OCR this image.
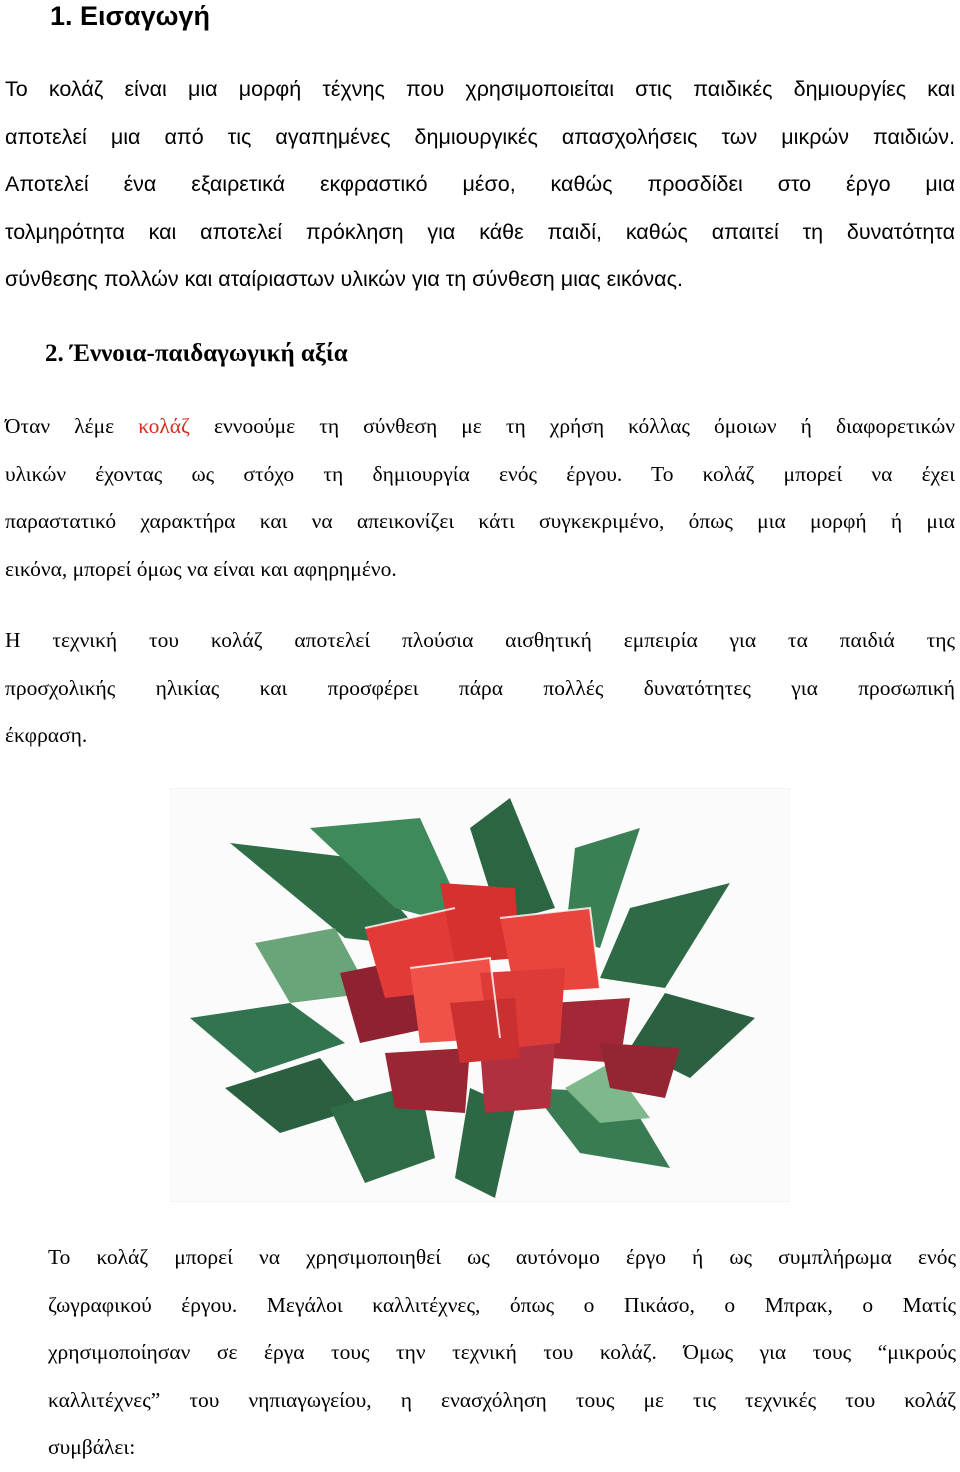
1. Εισαγωγή
Το κολάζ είναι μια μορφή τέχνης που χρησιμοποιείται στις παιδικές δημιουργίες και
αποτελεί μια από τις αγαπημένες δημιουργικές απασχολήσεις των μικρών παιδιών.
Αποτελεί ένα εξαιρετικά εκφραστικό μέσο, καθώς προσδίδει στο έργο μια
τολμηρότητα και αποτελεί πρόκληση για κάθε παιδί, καθώς απαιτεί τη δυνατότητα
σύνθεσης πολλών και αταίριαστων υλικών για τη σύνθεση μιας εικόνας.
2. Έννοια-παιδαγωγική αξία
Όταν λέμε κολάζ εννοούμε τη σύνθεση με τη χρήση κόλλας όμοιων ή διαφορετικών
υλικών έχοντας ως στόχο τη δημιουργία ενός έργου. Το κολάζ μπορεί να έχει
παραστατικό χαρακτήρα και να απεικονίζει κάτι συγκεκριμένο, όπως μια μορφή ή μια
εικόνα, μπορεί όμως να είναι και αφηρημένο.
Η τεχνική του κολάζ αποτελεί πλούσια αισθητική εμπειρία για τα παιδιά της
προσχολικής ηλικίας και προσφέρει πάρα πολλές δυνατότητες για προσωπική
έκφραση.
Το κολάζ μπορεί να χρησιμοποιηθεί ως αυτόνομο έργο ή ως συμπλήρωμα ενός
ζωγραφικού έργου. Μεγάλοι καλλιτέχνες, όπως ο Πικάσο, ο Μπρακ, ο Ματίς
χρησιμοποίησαν σε έργα τους την τεχνική του κολάζ. Όμως για τους “μικρούς
καλλιτέχνες” του νηπιαγωγείου, η ενασχόληση τους με τις τεχνικές του κολάζ
συμβάλει:
